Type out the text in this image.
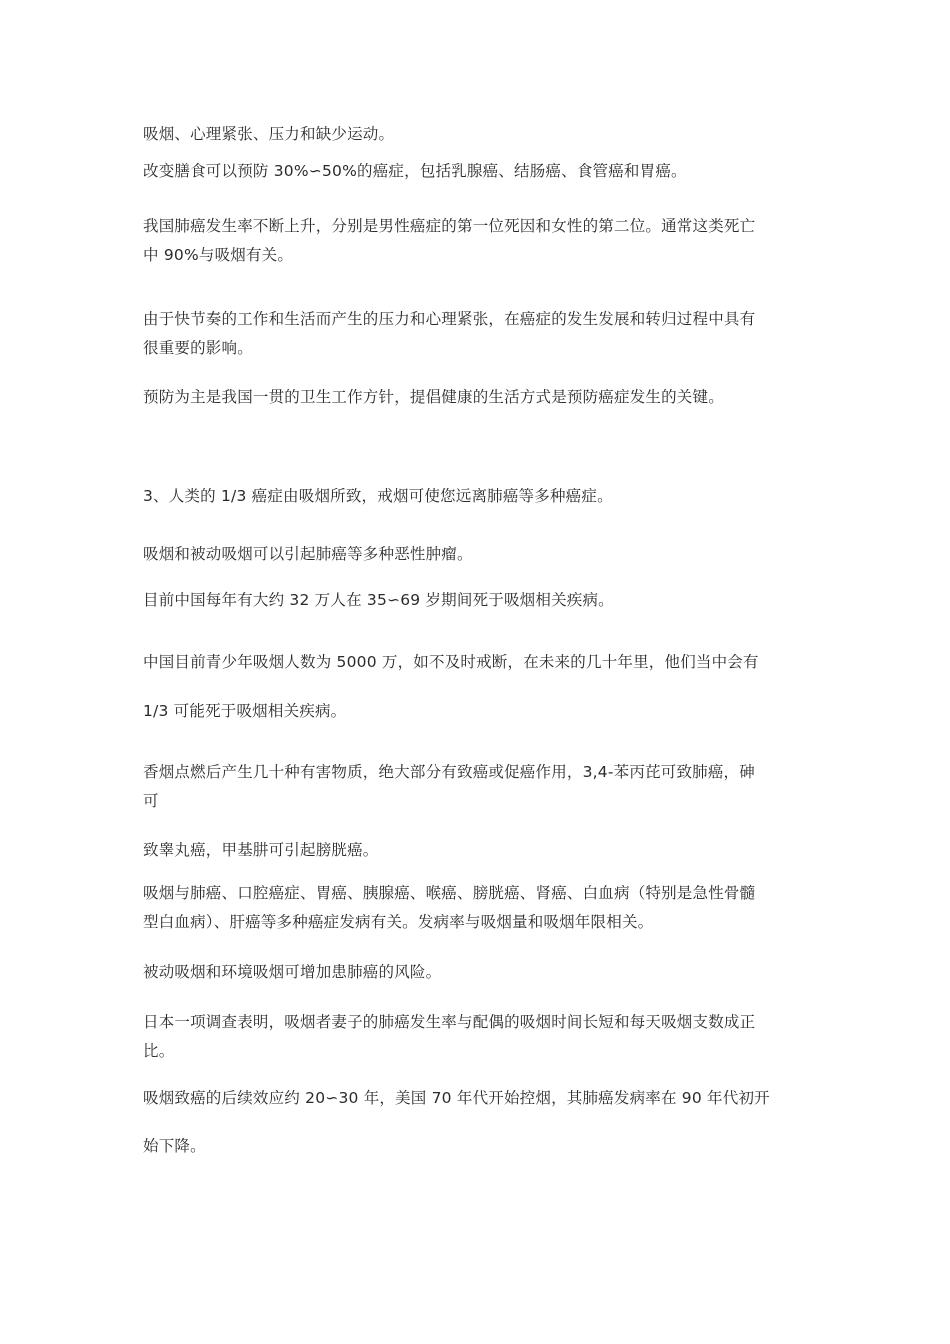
吸烟、心理紧张、压力和缺少运动。

改变膳食可以预防 30%∽50%的癌症，包括乳腺癌、结肠癌、食管癌和胃癌。

我国肺癌发生率不断上升，分别是男性癌症的第一位死因和女性的第二位。通常这类死亡
中 90%与吸烟有关。

由于快节奏的工作和生活而产生的压力和心理紧张，在癌症的发生发展和转归过程中具有
很重要的影响。

预防为主是我国一贯的卫生工作方针，提倡健康的生活方式是预防癌症发生的关键。

3、人类的 1/3 癌症由吸烟所致，戒烟可使您远离肺癌等多种癌症。

吸烟和被动吸烟可以引起肺癌等多种恶性肿瘤。

目前中国每年有大约 32 万人在 35∽69 岁期间死于吸烟相关疾病。

中国目前青少年吸烟人数为 5000 万，如不及时戒断，在未来的几十年里，他们当中会有

1/3 可能死于吸烟相关疾病。

香烟点燃后产生几十种有害物质，绝大部分有致癌或促癌作用，3,4-苯丙芘可致肺癌，砷
可

致睾丸癌，甲基肼可引起膀胱癌。

吸烟与肺癌、口腔癌症、胃癌、胰腺癌、喉癌、膀胱癌、肾癌、白血病（特别是急性骨髓
型白血病）、肝癌等多种癌症发病有关。发病率与吸烟量和吸烟年限相关。

被动吸烟和环境吸烟可增加患肺癌的风险。

日本一项调查表明，吸烟者妻子的肺癌发生率与配偶的吸烟时间长短和每天吸烟支数成正
比。

吸烟致癌的后续效应约 20∽30 年，美国 70 年代开始控烟，其肺癌发病率在 90 年代初开

始下降。
